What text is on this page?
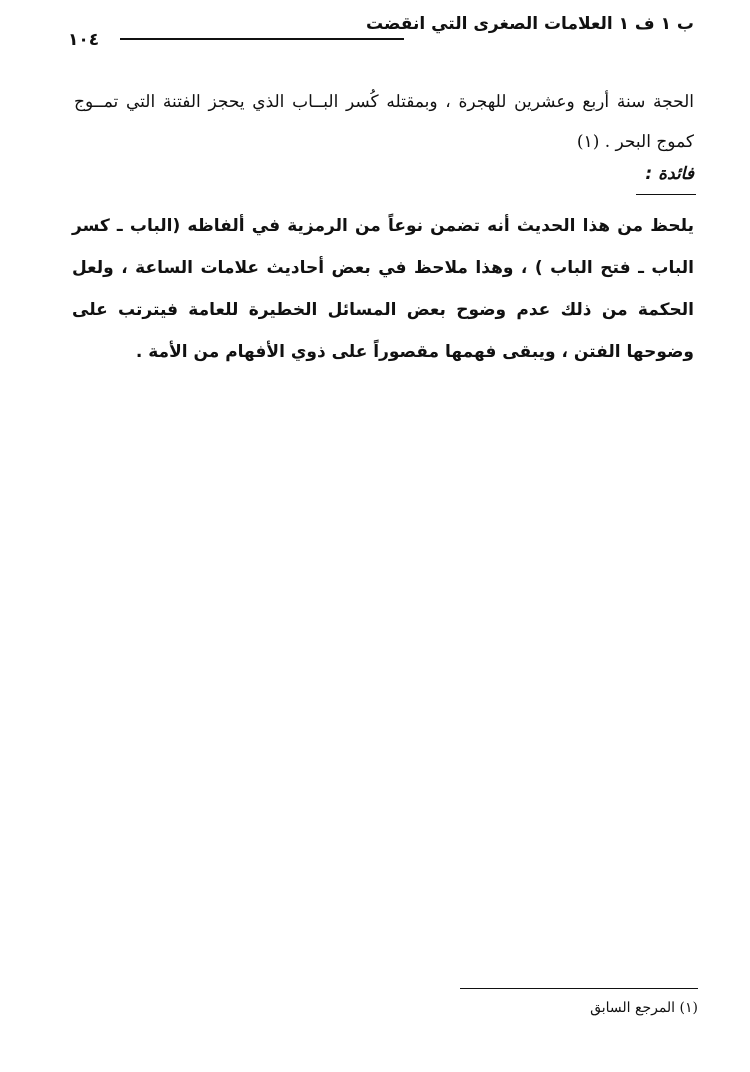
ب ١ ف ١ العلامات الصغرى التي انقضت
١٠٤
الحجة سنة أربع وعشرين للهجرة ، وبمقتله كُسر البــاب الذي يحجز الفتنة التي تمــوج كموج البحر . (١)
فائدة :
يلحظ من هذا الحديث أنه تضمن نوعاً من الرمزية في ألفاظه (الباب ـ كسر الباب ـ فتح الباب ) ، وهذا ملاحظ في بعض أحاديث علامات الساعة ، ولعل الحكمة من ذلك عدم وضوح بعض المسائل الخطيرة للعامة فيترتب على وضوحها الفتن ، ويبقى فهمها مقصوراً على ذوي الأفهام من الأمة .
(١) المرجع السابق
